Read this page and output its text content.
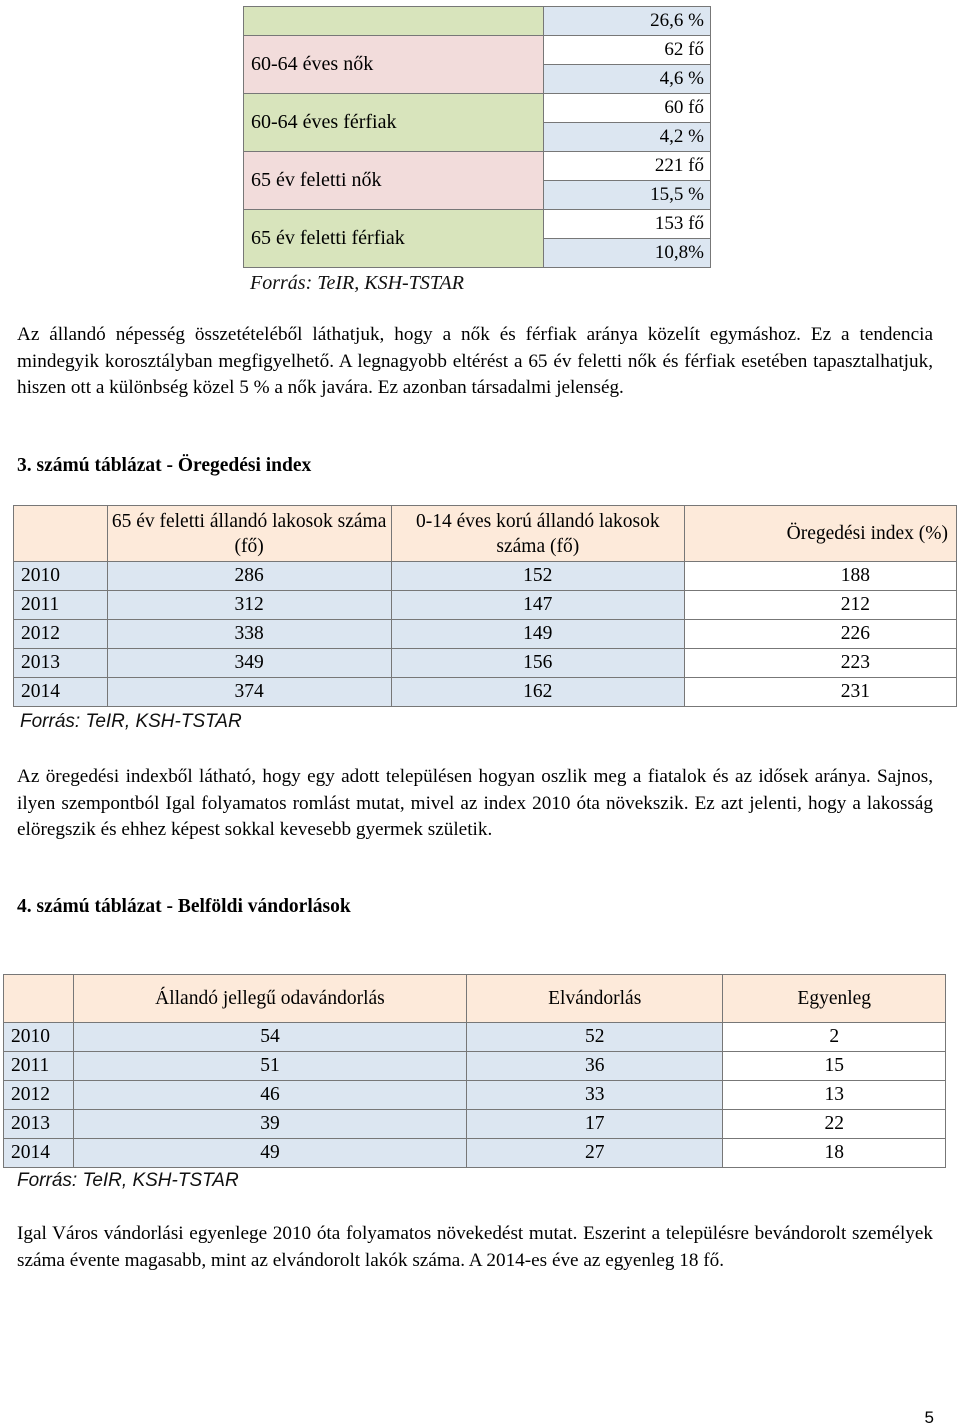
	26,6 %
60-64 éves nők	62 fő
	4,6 %
60-64 éves férfiak	60 fő
	4,2 %
65 év feletti nők	221 fő
	15,5 %
65 év feletti férfiak	153 fő
	10,8%
Forrás: TeIR, KSH-TSTAR
Az állandó népesség összetételéből láthatjuk, hogy a nők és férfiak aránya közelít egymáshoz. Ez a tendencia mindegyik korosztályban megfigyelhető. A legnagyobb eltérést a 65 év feletti nők és férfiak esetében tapasztalhatjuk, hiszen ott a különbség közel 5 % a nők javára. Ez azonban társadalmi jelenség.
3. számú táblázat - Öregedési index
	65 év feletti állandó lakosok száma (fő)	0-14 éves korú állandó lakosok száma (fő)	Öregedési index (%)
2010	286	152	188
2011	312	147	212
2012	338	149	226
2013	349	156	223
2014	374	162	231
Forrás: TeIR, KSH-TSTAR
Az öregedési indexből látható, hogy egy adott településen hogyan oszlik meg a fiatalok és az idősek aránya. Sajnos, ilyen szempontból Igal folyamatos romlást mutat, mivel az index 2010 óta növekszik. Ez azt jelenti, hogy a lakosság elöregszik és ehhez képest sokkal kevesebb gyermek születik.
4. számú táblázat - Belföldi vándorlások
	Állandó jellegű odavándorlás	Elvándorlás	Egyenleg
2010	54	52	2
2011	51	36	15
2012	46	33	13
2013	39	17	22
2014	49	27	18
Forrás: TeIR, KSH-TSTAR
Igal Város vándorlási egyenlege 2010 óta folyamatos növekedést mutat. Eszerint a településre bevándorolt személyek száma évente magasabb, mint az elvándorolt lakók száma. A 2014-es éve az egyenleg 18 fő.
5
